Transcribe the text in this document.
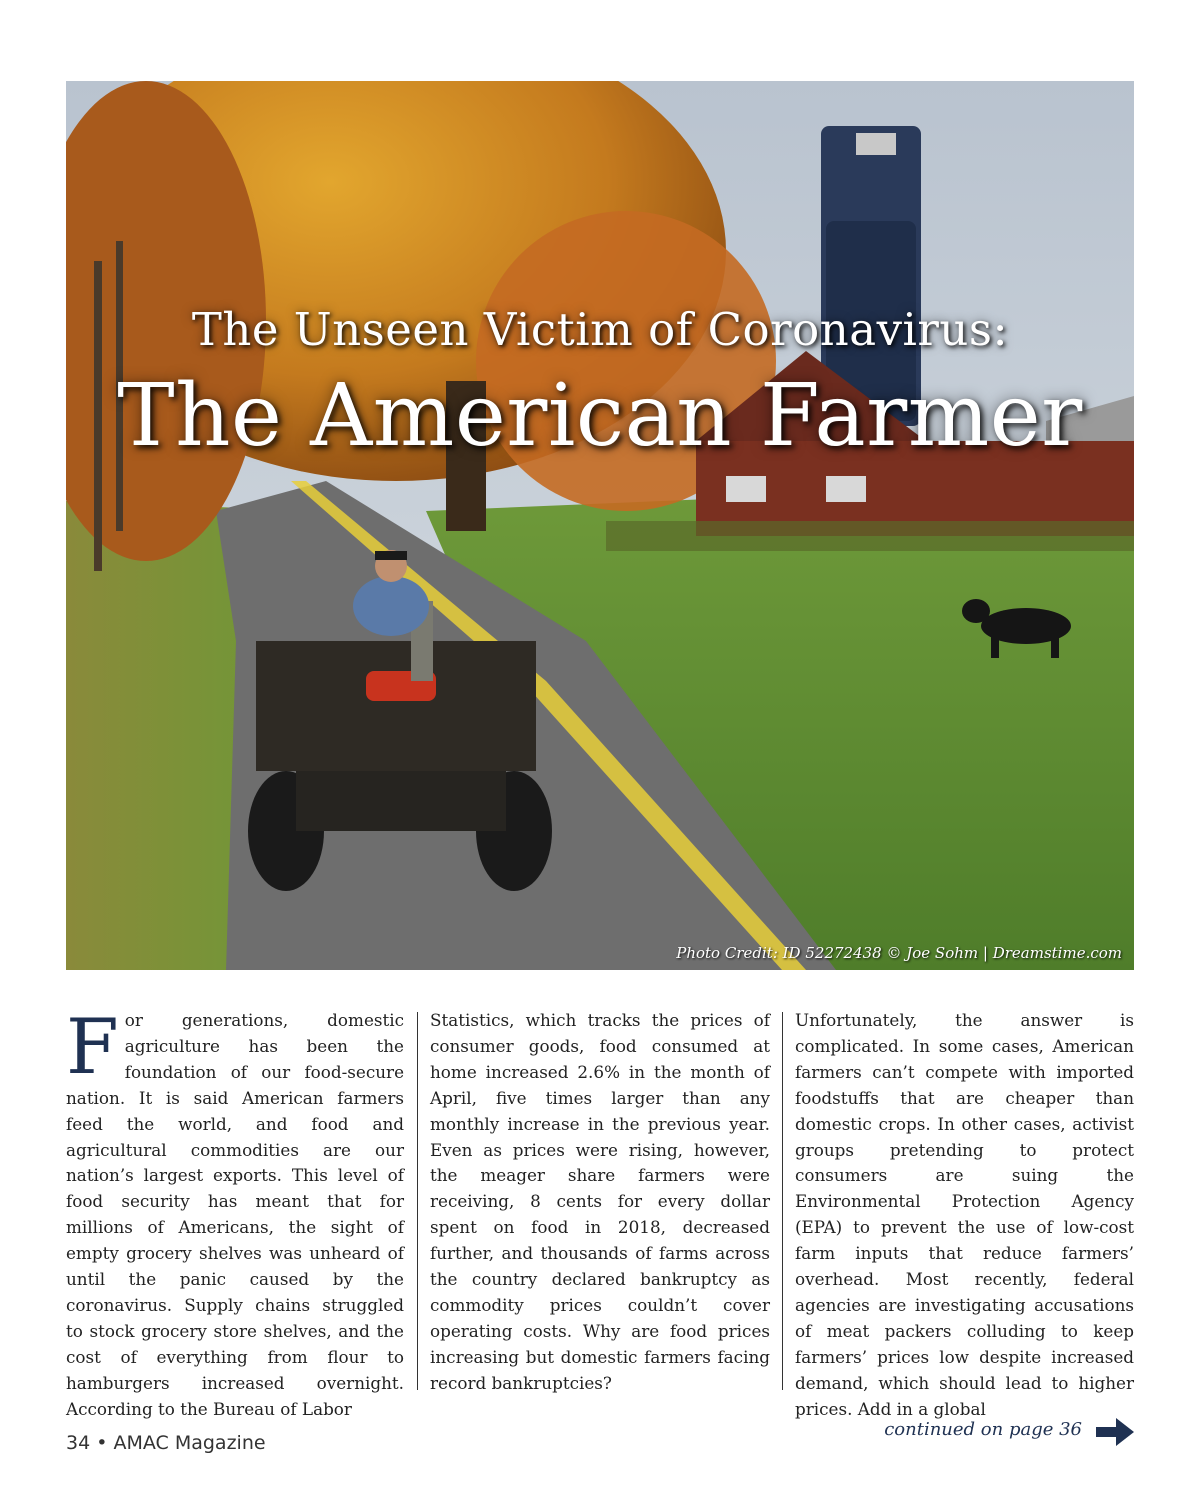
The Unseen Victim of Coronavirus:
The American Farmer
Photo Credit: ID 52272438 © Joe Sohm | Dreamstime.com

For generations, domestic agriculture has been the foundation of our food-secure nation. It is said American farmers feed the world, and food and agricultural commodities are our nation’s largest exports. This level of food security has meant that for millions of Americans, the sight of empty grocery shelves was unheard of until the panic caused by the coronavirus. Supply chains struggled to stock grocery store shelves, and the cost of everything from flour to hamburgers increased overnight. According to the Bureau of Labor

Statistics, which tracks the prices of consumer goods, food consumed at home increased 2.6% in the month of April, five times larger than any monthly increase in the previous year. Even as prices were rising, however, the meager share farmers were receiving, 8 cents for every dollar spent on food in 2018, decreased further, and thousands of farms across the country declared bankruptcy as commodity prices couldn’t cover operating costs. Why are food prices increasing but domestic farmers facing record bankruptcies?

Unfortunately, the answer is complicated. In some cases, American farmers can’t compete with imported foodstuffs that are cheaper than domestic crops. In other cases, activist groups pretending to protect consumers are suing the Environmental Protection Agency (EPA) to prevent the use of low-cost farm inputs that reduce farmers’ overhead. Most recently, federal agencies are investigating accusations of meat packers colluding to keep farmers’ prices low despite increased demand, which should lead to higher prices. Add in a global

34 • AMAC Magazine
continued on page 36
